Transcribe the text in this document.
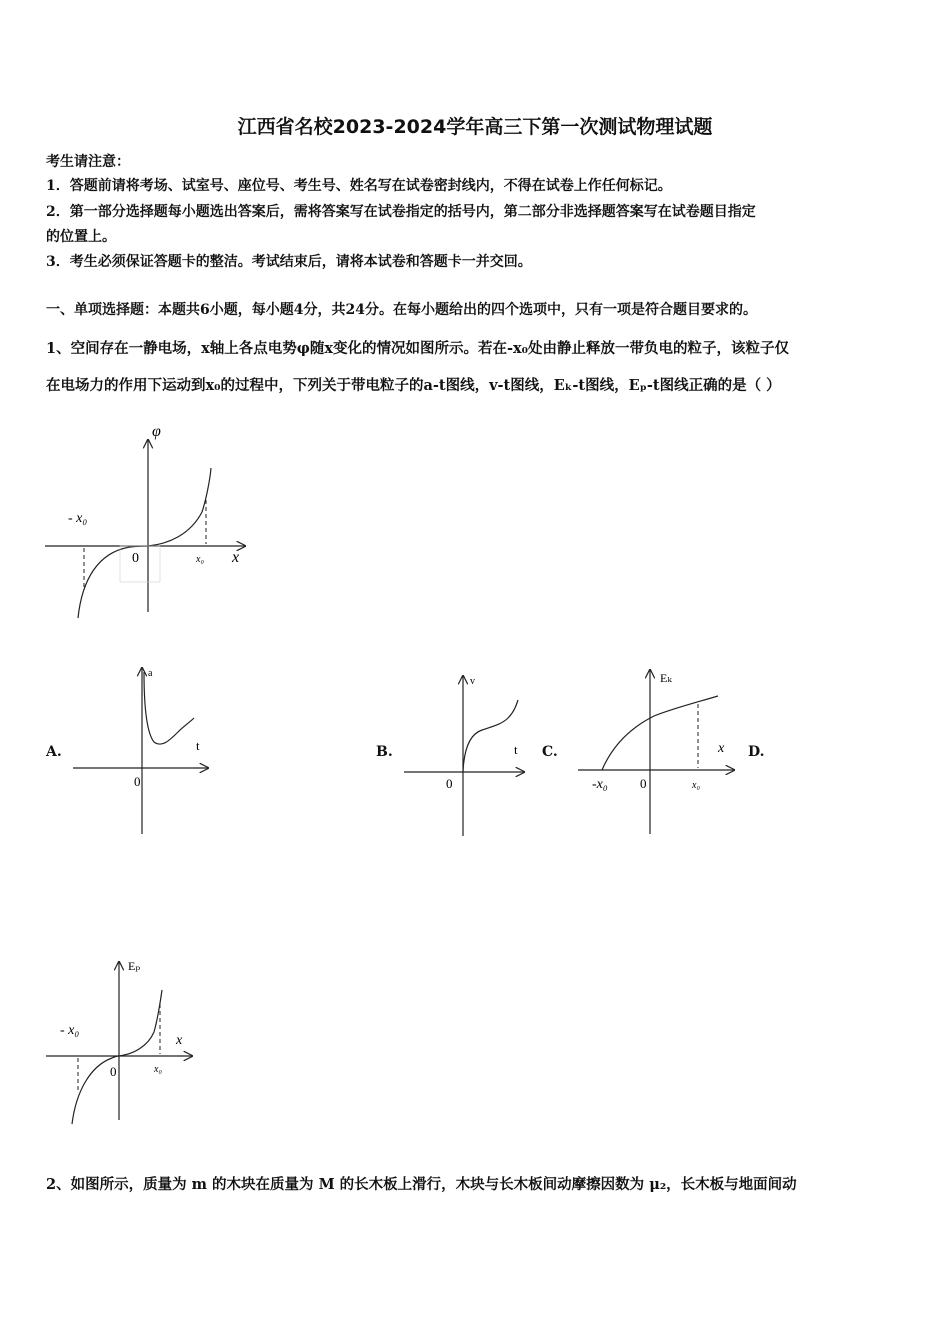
江西省名校2023-2024学年高三下第一次测试物理试题
考生请注意：
1．答题前请将考场、试室号、座位号、考生号、姓名写在试卷密封线内，不得在试卷上作任何标记。
2．第一部分选择题每小题选出答案后，需将答案写在试卷指定的括号内，第二部分非选择题答案写在试卷题目指定
的位置上。
3．考生必须保证答题卡的整洁。考试结束后，请将本试卷和答题卡一并交回。
一、单项选择题：本题共6小题，每小题4分，共24分。在每小题给出的四个选项中，只有一项是符合题目要求的。
1、空间存在一静电场，x轴上各点电势φ随x变化的情况如图所示。若在-x₀处由静止释放一带负电的粒子，该粒子仅
在电场力的作用下运动到x₀的过程中，下列关于带电粒子的a-t图线，v-t图线，Eₖ-t图线，Eₚ-t图线正确的是（ ）
φ
x
0
- x₀
x₀
A.
a
t
0
B.
v
t
0
C.
Eₖ
x
0
-x₀	x₀
D.
Eₚ
x
0
- x₀
x₀
2、如图所示，质量为 m 的木块在质量为 M 的长木板上滑行，木块与长木板间动摩擦因数为 μ₂，长木板与地面间动
